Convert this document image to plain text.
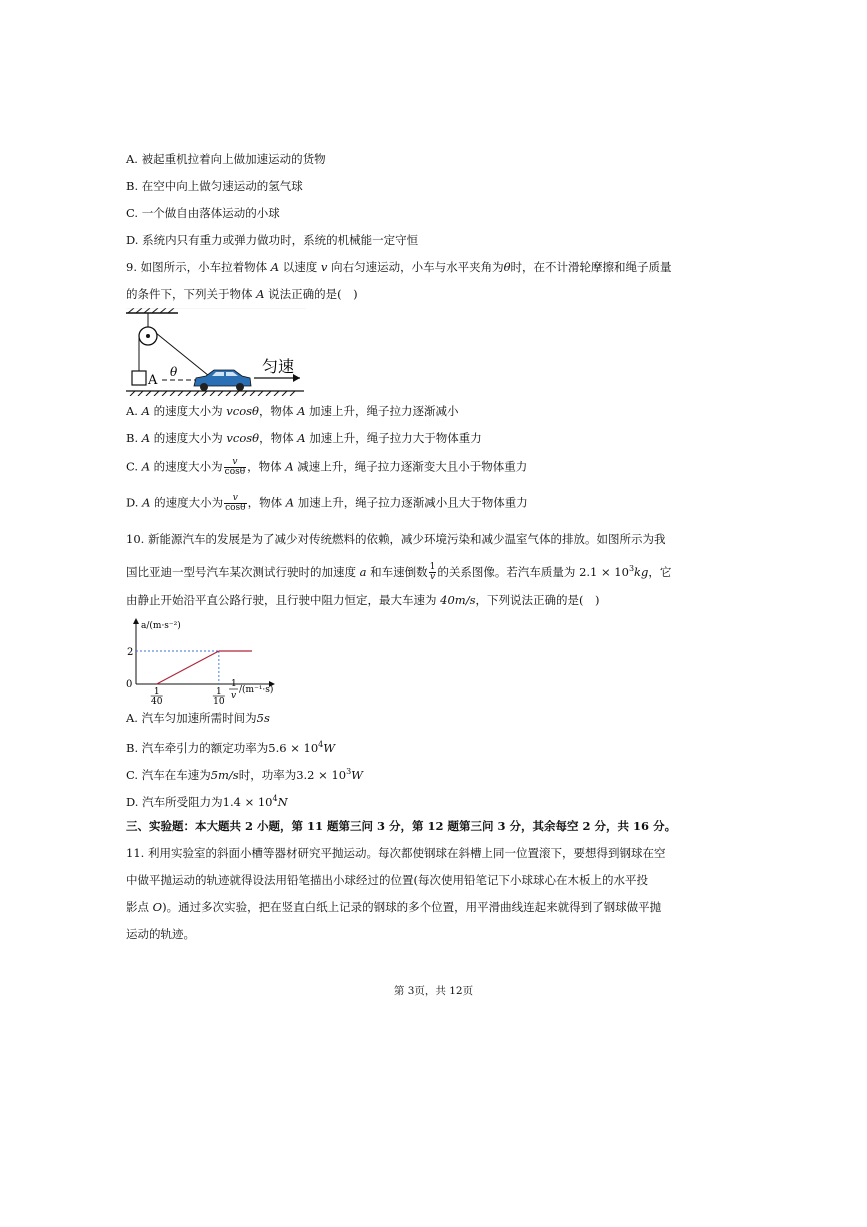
A. 被起重机拉着向上做加速运动的货物
B. 在空中向上做匀速运动的氢气球
C. 一个做自由落体运动的小球
D. 系统内只有重力或弹力做功时，系统的机械能一定守恒
9. 如图所示，小车拉着物体 A 以速度 v 向右匀速运动，小车与水平夹角为θ时，在不计滑轮摩擦和绳子质量
的条件下，下列关于物体 A 说法正确的是(　)
A
θ	匀速
A. A 的速度大小为 vcosθ，物体 A 加速上升，绳子拉力逐渐减小
B. A 的速度大小为 vcosθ，物体 A 加速上升，绳子拉力大于物体重力
C. A 的速度大小为 $\frac{v}{\cos\theta}$ ，物体 A 减速上升，绳子拉力逐渐变大且小于物体重力
D. A 的速度大小为 $\frac{v}{\cos\theta}$ ，物体 A 加速上升，绳子拉力逐渐减小且大于物体重力
10. 新能源汽车的发展是为了减少对传统燃料的依赖，减少环境污染和减少温室气体的排放。如图所示为我
国比亚迪一型号汽车某次测试行驶时的加速度 a 和车速倒数 $\frac{1}{v}$ 的关系图像。若汽车质量为 $2.1 \times 10^3kg$，它
由静止开始沿平直公路行驶，且行驶中阻力恒定，最大车速为 40m/s，下列说法正确的是(　)
a/(m·s⁻²)
0
2
1
40
1
10
1
v
/(m⁻¹·s)
A. 汽车匀加速所需时间为5s
B. 汽车牵引力的额定功率为$5.6 \times 10^4W$
C. 汽车在车速为5m/s时，功率为$3.2 \times 10^3W$
D. 汽车所受阻力为$1.4 \times 10^4N$
三、实验题：本大题共 2 小题，第 11 题第三问 3 分，第 12 题第三问 3 分，其余每空 2 分，共 16 分。
11. 利用实验室的斜面小槽等器材研究平抛运动。每次都使钢球在斜槽上同一位置滚下，要想得到钢球在空
中做平抛运动的轨迹就得设法用铅笔描出小球经过的位置(每次使用铅笔记下小球球心在木板上的水平投
影点 O)。通过多次实验，把在竖直白纸上记录的钢球的多个位置，用平滑曲线连起来就得到了钢球做平抛
运动的轨迹。
第 3页，共 12页
